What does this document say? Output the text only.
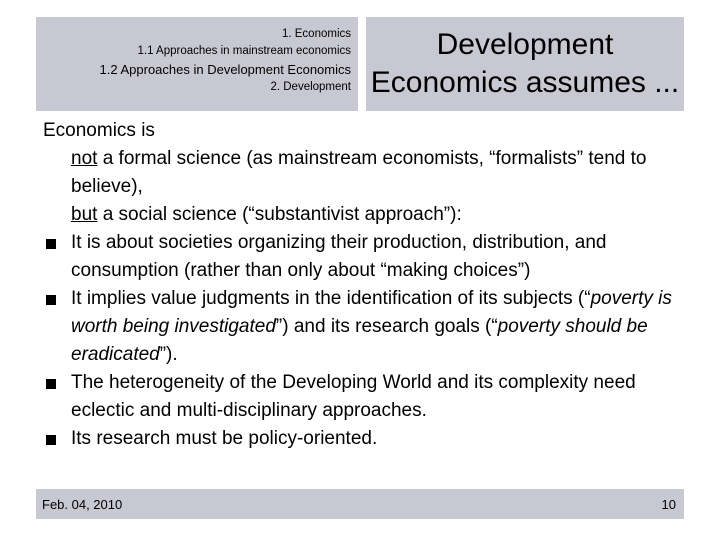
1. Economics
1.1 Approaches in mainstream economics
1.2 Approaches in Development Economics
2. Development
Development
Economics assumes ...

Economics is

not a formal science (as mainstream economists, “formalists” tend to believe),

but a social science (“substantivist approach”):

It is about societies organizing their production, distribution, and consumption (rather than only about “making choices”)
It implies value judgments in the identification of its subjects (“poverty is worth being investigated”) and its research goals (“poverty should be eradicated”).
The heterogeneity of the Developing World and its complexity need eclectic and multi-disciplinary approaches.
Its research must be policy-oriented.
Feb. 04, 2010	10
